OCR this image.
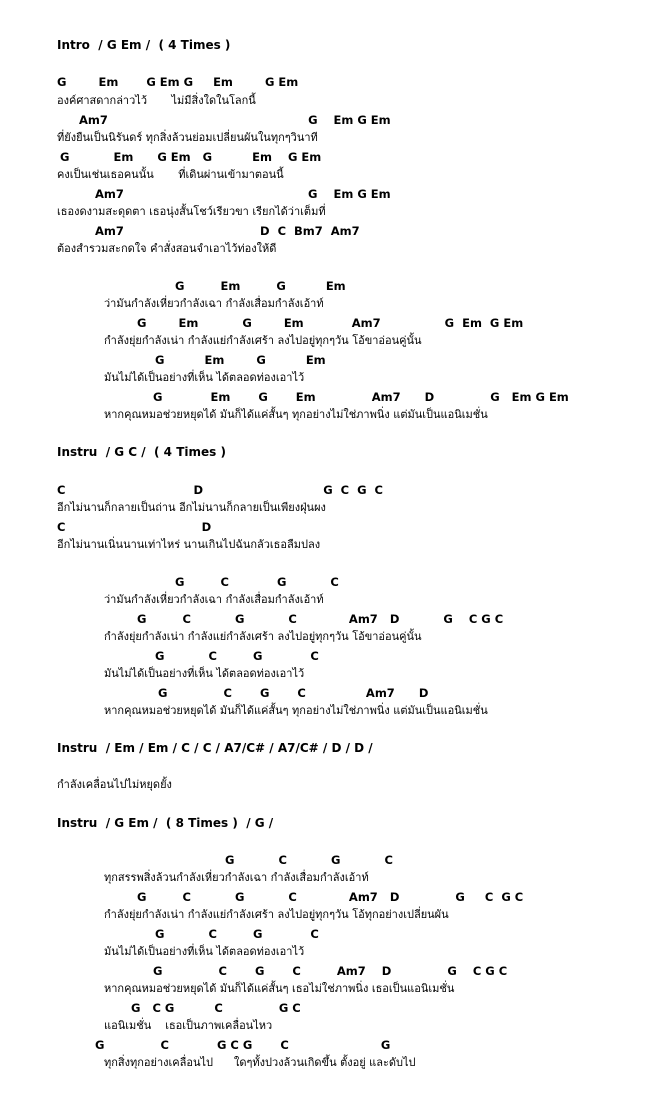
Intro  / G Em /  ( 4 Times )
G        Em       G Em G     Em        G Em
องค์ศาสดากล่าวไว้       ไม่มีสิ่งใดในโลกนี้
Am7                                                  G    Em G Em
ที่ยังยืนเป็นนิรันดร์ ทุกสิ่งล้วนย่อมเปลี่ยนผันในทุกๆวินาที
G           Em      G Em   G          Em    G Em
คงเป็นเช่นเธอคนนั้น       ที่เดินผ่านเข้ามาตอนนี้
Am7                                              G    Em G Em
เธองดงามสะดุดตา เธอนุ่งสั้นโชว์เรียวขา เรียกได้ว่าเต็มที่
Am7                                  D  C  Bm7  Am7
ต้องสำรวมสะกดใจ คำสั่งสอนจำเอาไว้ท่องให้ดี
G         Em         G          Em
ว่ามันกำลังเหี่ยวกำลังเฉา กำลังเสื่อมกำลังเอ้าท์
G        Em           G        Em            Am7                G  Em  G Em
กำลังยุ่ยกำลังเน่า กำลังแย่กำลังเศร้า ลงไปอยู่ทุกๆวัน โอ้ขาอ่อนคู่นั้น
G          Em        G          Em
มันไม่ได้เป็นอย่างที่เห็น ได้ตลอดท่องเอาไว้
G            Em       G       Em              Am7      D              G   Em G Em
หากคุณหมอช่วยหยุดได้ มันก็ได้แค่สั้นๆ ทุกอย่างไม่ใช่ภาพนิ่ง แต่มันเป็นแอนิเมชั่น
Instru  / G C /  ( 4 Times )
C                                D                              G  C  G  C
อีกไม่นานก็กลายเป็นถ่าน อีกไม่นานก็กลายเป็นเพียงฝุ่นผง
C                                  D
อีกไม่นานเนิ่นนานเท่าไหร่ นานเกินไปฉันกลัวเธอลืมปลง
G         C            G           C
ว่ามันกำลังเหี่ยวกำลังเฉา กำลังเสื่อมกำลังเอ้าท์
G         C           G           C             Am7   D           G    C G C
กำลังยุ่ยกำลังเน่า กำลังแย่กำลังเศร้า ลงไปอยู่ทุกๆวัน โอ้ขาอ่อนคู่นั้น
G           C         G            C
มันไม่ได้เป็นอย่างที่เห็น ได้ตลอดท่องเอาไว้
G              C       G       C               Am7      D
หากคุณหมอช่วยหยุดได้ มันก็ได้แค่สั้นๆ ทุกอย่างไม่ใช่ภาพนิ่ง แต่มันเป็นแอนิเมชั่น
Instru  / Em / Em / C / C / A7/C# / A7/C# / D / D /
กำลังเคลื่อนไปไม่หยุดยั้ง
Instru  / G Em /  ( 8 Times )  / G /
G           C           G           C
ทุกสรรพสิ่งล้วนกำลังเหี่ยวกำลังเฉา กำลังเสื่อมกำลังเอ้าท์
G         C           G           C             Am7   D              G     C  G C
กำลังยุ่ยกำลังเน่า กำลังแย่กำลังเศร้า ลงไปอยู่ทุกๆวัน โอ้ทุกอย่างเปลี่ยนผัน
G           C         G            C
มันไม่ได้เป็นอย่างที่เห็น ได้ตลอดท่องเอาไว้
G              C       G       C         Am7    D              G    C G C
หากคุณหมอช่วยหยุดได้ มันก็ได้แค่สั้นๆ เธอไม่ใช่ภาพนิ่ง เธอเป็นแอนิเมชั่น
G   C G          C              G C
แอนิเมชั่น    เธอเป็นภาพเคลื่อนไหว
G              C            G C G       C                       G
ทุกสิ่งทุกอย่างเคลื่อนไป      ใดๆทั้งปวงล้วนเกิดขึ้น ตั้งอยู่ และดับไป
